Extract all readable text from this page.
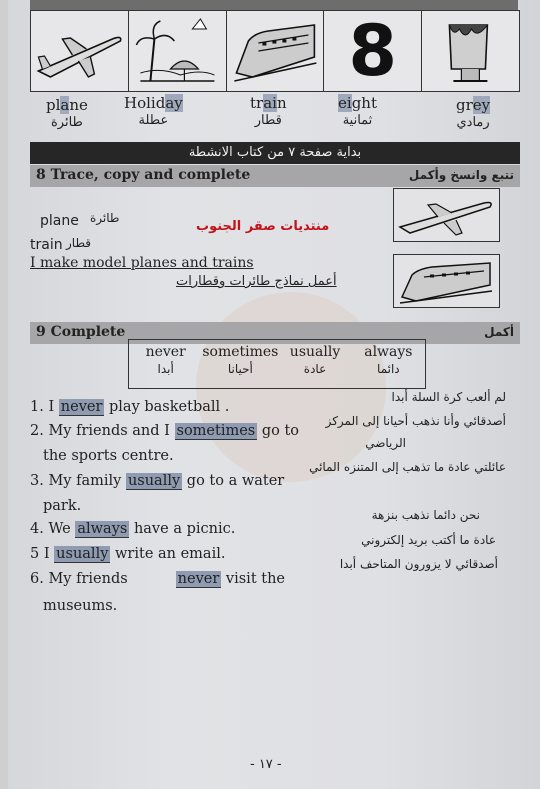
8
plane
طائرة
Holiday
عطلة
train
قطار
eight
ثمانية
grey
رمادي
بداية صفحة ٧ من كتاب الانشطة
8 Trace, copy and complete	تتبع وانسخ وأكمل
plane طائرة
train قطار
منتديات صقر الجنوب
I make model planes and trains
أعمل نماذج طائرات وقطارات
9 Complete	أكمل
never
أبدا
sometimes
أحيانا
usually
عادة
always
دائما
1. I never play basketball .
2. My friends and I sometimes go to
the sports centre.
3. My family usually go to a water
park.
4. We always have a picnic.
5 I usually write an email.
6. My friends	never visit the
museums.
لم ألعب كرة السلة أبدا
أصدقائي وأنا نذهب أحيانا إلى المركز
الرياضي
عائلتي عادة ما تذهب إلى المتنزه المائي
نحن دائما نذهب بنزهة
عادة ما أكتب بريد إلكتروني
أصدقائي لا يزورون المتاحف أبدا
- ١٧ -
